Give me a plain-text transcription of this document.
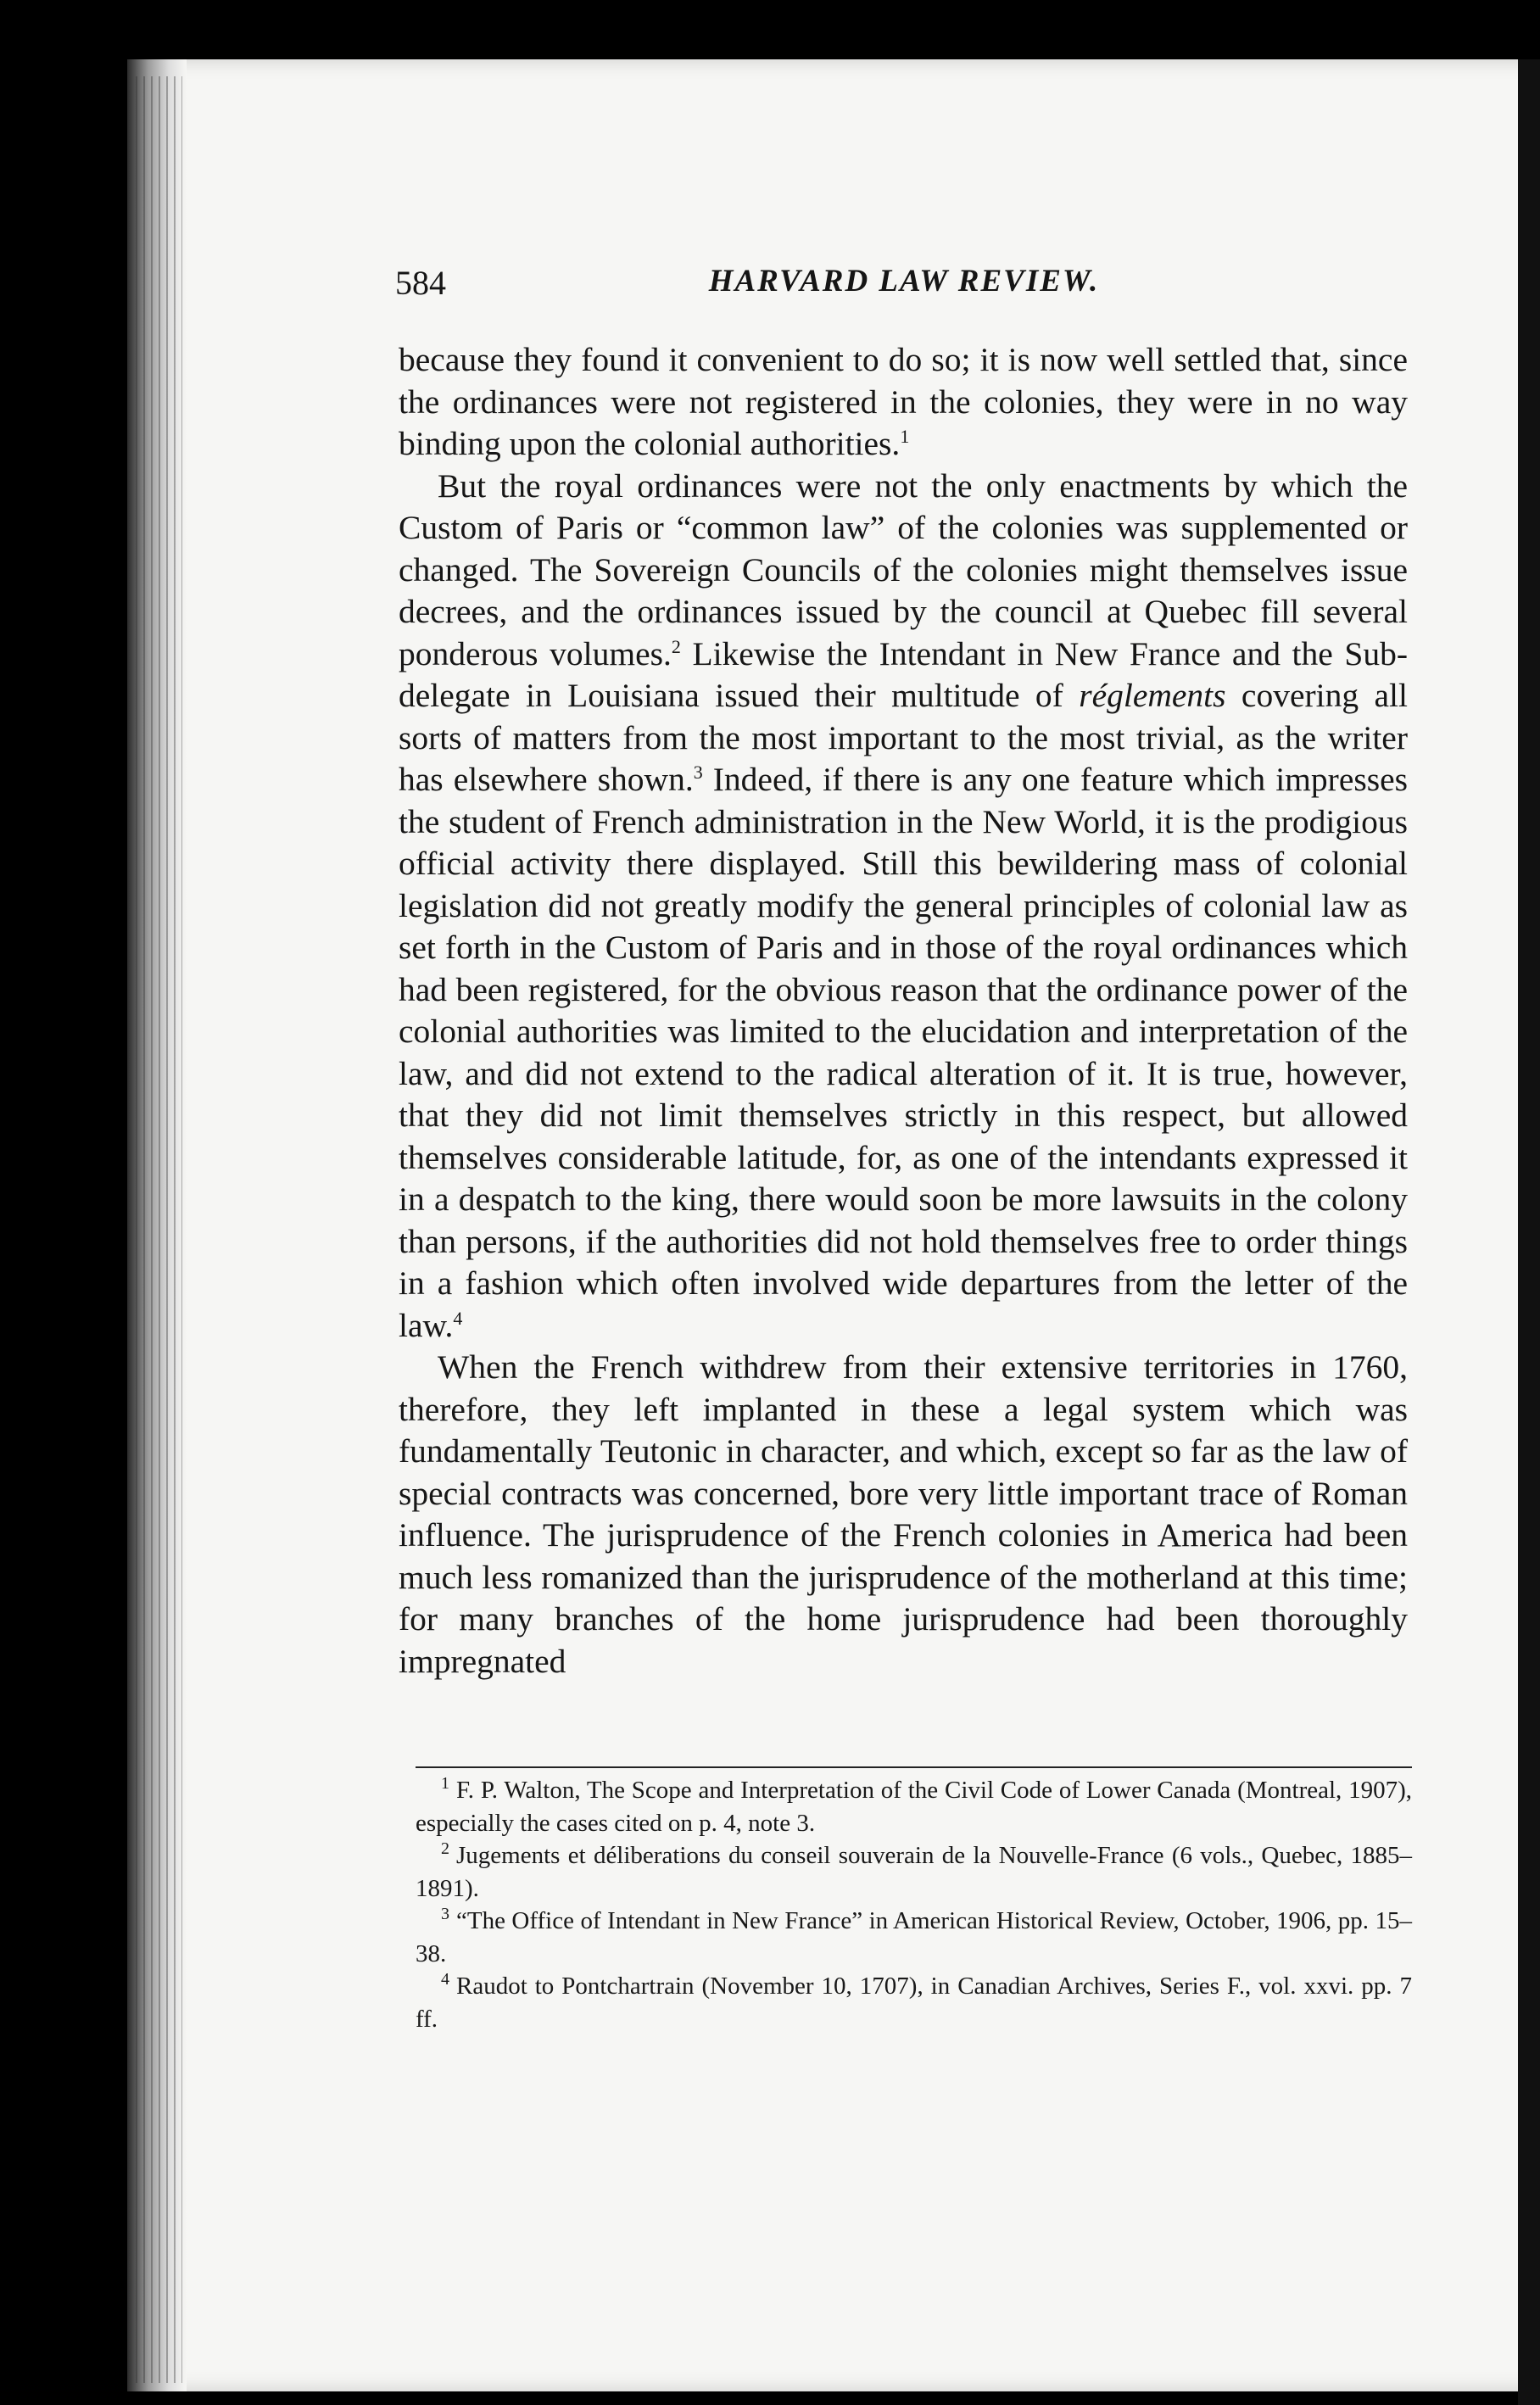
584	HARVARD LAW REVIEW.

because they found it convenient to do so; it is now well settled that, since the ordinances were not registered in the colonies, they were in no way binding upon the colonial authorities.$^1$

But the royal ordinances were not the only enactments by which the Custom of Paris or “common law” of the colonies was supplemented or changed. The Sovereign Councils of the colonies might themselves issue decrees, and the ordinances issued by the council at Quebec fill several ponderous volumes.$^2$ Likewise the Intendant in New France and the Sub-delegate in Louisiana issued their multitude of réglements covering all sorts of matters from the most important to the most trivial, as the writer has elsewhere shown.$^3$ Indeed, if there is any one feature which impresses the student of French administration in the New World, it is the prodigious official activity there displayed. Still this bewildering mass of colonial legislation did not greatly modify the general principles of colonial law as set forth in the Custom of Paris and in those of the royal ordinances which had been registered, for the obvious reason that the ordinance power of the colonial authorities was limited to the elucidation and interpretation of the law, and did not extend to the radical alteration of it. It is true, however, that they did not limit themselves strictly in this respect, but allowed themselves considerable latitude, for, as one of the intendants expressed it in a despatch to the king, there would soon be more lawsuits in the colony than persons, if the authorities did not hold themselves free to order things in a fashion which often involved wide departures from the letter of the law.$^4$

When the French withdrew from their extensive territories in 1760, therefore, they left implanted in these a legal system which was fundamentally Teutonic in character, and which, except so far as the law of special contracts was concerned, bore very little important trace of Roman influence. The jurisprudence of the French colonies in America had been much less romanized than the jurisprudence of the motherland at this time; for many branches of the home jurisprudence had been thoroughly impregnated

$^1$ F. P. Walton, The Scope and Interpretation of the Civil Code of Lower Canada (Montreal, 1907), especially the cases cited on p. 4, note 3.

$^2$ Jugements et déliberations du conseil souverain de la Nouvelle-France (6 vols., Quebec, 1885–1891).

$^3$ “The Office of Intendant in New France” in American Historical Review, October, 1906, pp. 15–38.

$^4$ Raudot to Pontchartrain (November 10, 1707), in Canadian Archives, Series F., vol. xxvi. pp. 7 ff.
